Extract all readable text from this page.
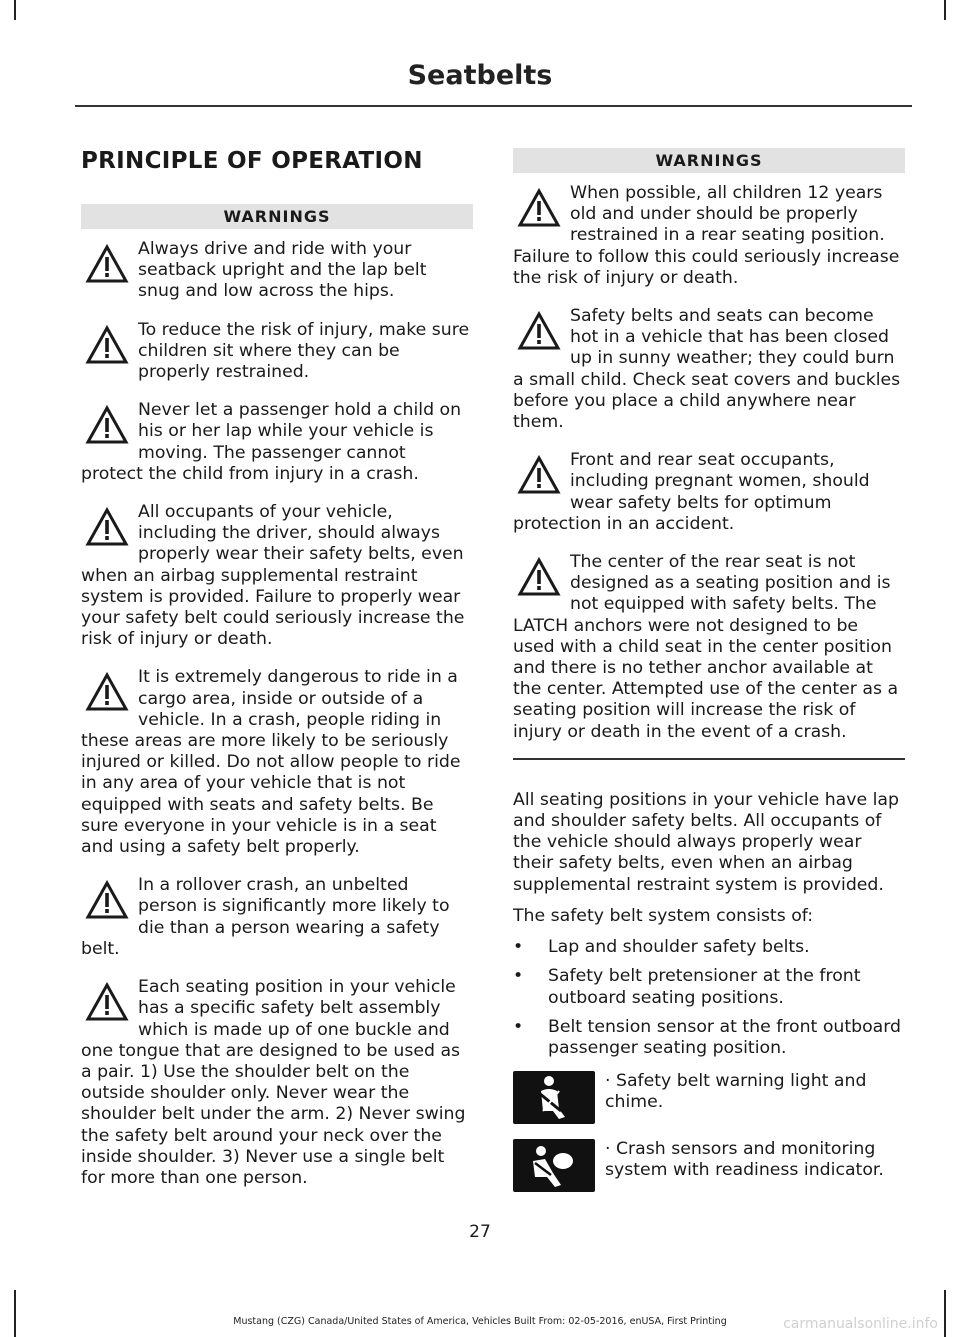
Seatbelts
PRINCIPLE OF OPERATION
WARNINGS
Always drive and ride with your seatback upright and the lap belt snug and low across the hips.
To reduce the risk of injury, make sure children sit where they can be properly restrained.
Never let a passenger hold a child on his or her lap while your vehicle is moving. The passenger cannot protect the child from injury in a crash.
All occupants of your vehicle, including the driver, should always properly wear their safety belts, even when an airbag supplemental restraint system is provided. Failure to properly wear your safety belt could seriously increase the risk of injury or death.
It is extremely dangerous to ride in a cargo area, inside or outside of a vehicle. In a crash, people riding in these areas are more likely to be seriously injured or killed. Do not allow people to ride in any area of your vehicle that is not equipped with seats and safety belts. Be sure everyone in your vehicle is in a seat and using a safety belt properly.
In a rollover crash, an unbelted person is significantly more likely to die than a person wearing a safety belt.
Each seating position in your vehicle has a specific safety belt assembly which is made up of one buckle and one tongue that are designed to be used as a pair. 1) Use the shoulder belt on the outside shoulder only. Never wear the shoulder belt under the arm. 2) Never swing the safety belt around your neck over the inside shoulder. 3) Never use a single belt for more than one person.
WARNINGS
When possible, all children 12 years old and under should be properly restrained in a rear seating position. Failure to follow this could seriously increase the risk of injury or death.
Safety belts and seats can become hot in a vehicle that has been closed up in sunny weather; they could burn a small child. Check seat covers and buckles before you place a child anywhere near them.
Front and rear seat occupants, including pregnant women, should wear safety belts for optimum protection in an accident.
The center of the rear seat is not designed as a seating position and is not equipped with safety belts. The LATCH anchors were not designed to be used with a child seat in the center position and there is no tether anchor available at the center. Attempted use of the center as a seating position will increase the risk of injury or death in the event of a crash.

All seating positions in your vehicle have lap and shoulder safety belts. All occupants of the vehicle should always properly wear their safety belts, even when an airbag supplemental restraint system is provided.

The safety belt system consists of:

• Lap and shoulder safety belts.
• Safety belt pretensioner at the front outboard seating positions.
• Belt tension sensor at the front outboard passenger seating position.
· Safety belt warning light and chime.
· Crash sensors and monitoring system with readiness indicator.
27
Mustang (CZG) Canada/United States of America, Vehicles Built From: 02-05-2016, enUSA, First Printing	carmanualsonline.info
